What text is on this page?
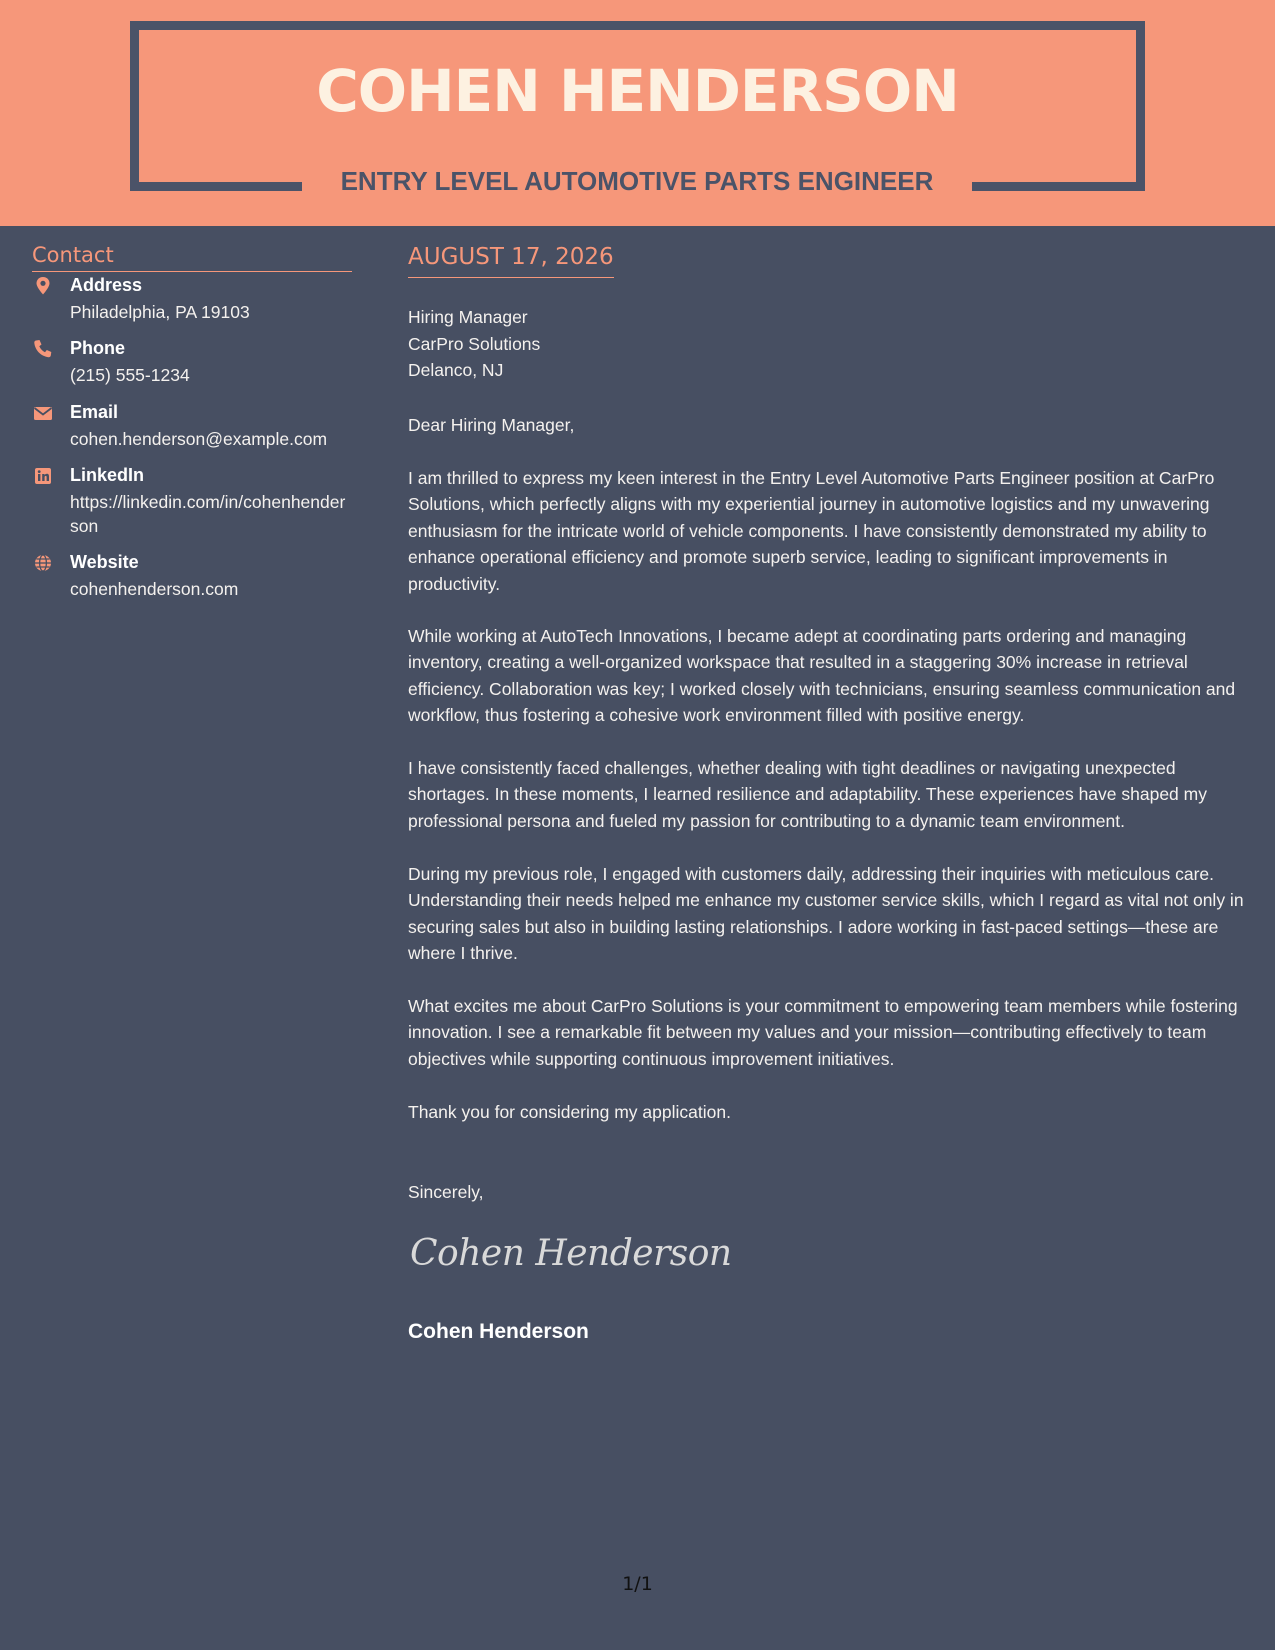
COHEN HENDERSON
ENTRY LEVEL AUTOMOTIVE PARTS ENGINEER
Contact
Address
Philadelphia, PA 19103
Phone
(215) 555-1234
Email
cohen.henderson@example.com
LinkedIn
https://linkedin.com/in/cohenhenderson
Website
cohenhenderson.com
AUGUST 17, 2026
Hiring Manager
CarPro Solutions
Delanco, NJ

Dear Hiring Manager,

I am thrilled to express my keen interest in the Entry Level Automotive Parts Engineer position at CarPro Solutions, which perfectly aligns with my experiential journey in automotive logistics and my unwavering enthusiasm for the intricate world of vehicle components. I have consistently demonstrated my ability to enhance operational efficiency and promote superb service, leading to significant improvements in productivity.

While working at AutoTech Innovations, I became adept at coordinating parts ordering and managing inventory, creating a well-organized workspace that resulted in a staggering 30% increase in retrieval efficiency. Collaboration was key; I worked closely with technicians, ensuring seamless communication and workflow, thus fostering a cohesive work environment filled with positive energy.

I have consistently faced challenges, whether dealing with tight deadlines or navigating unexpected shortages. In these moments, I learned resilience and adaptability. These experiences have shaped my professional persona and fueled my passion for contributing to a dynamic team environment.

During my previous role, I engaged with customers daily, addressing their inquiries with meticulous care. Understanding their needs helped me enhance my customer service skills, which I regard as vital not only in securing sales but also in building lasting relationships. I adore working in fast-paced settings—these are where I thrive.

What excites me about CarPro Solutions is your commitment to empowering team members while fostering innovation. I see a remarkable fit between my values and your mission—contributing effectively to team objectives while supporting continuous improvement initiatives.

Thank you for considering my application.

Sincerely,

Cohen Henderson
Cohen Henderson
1/1
